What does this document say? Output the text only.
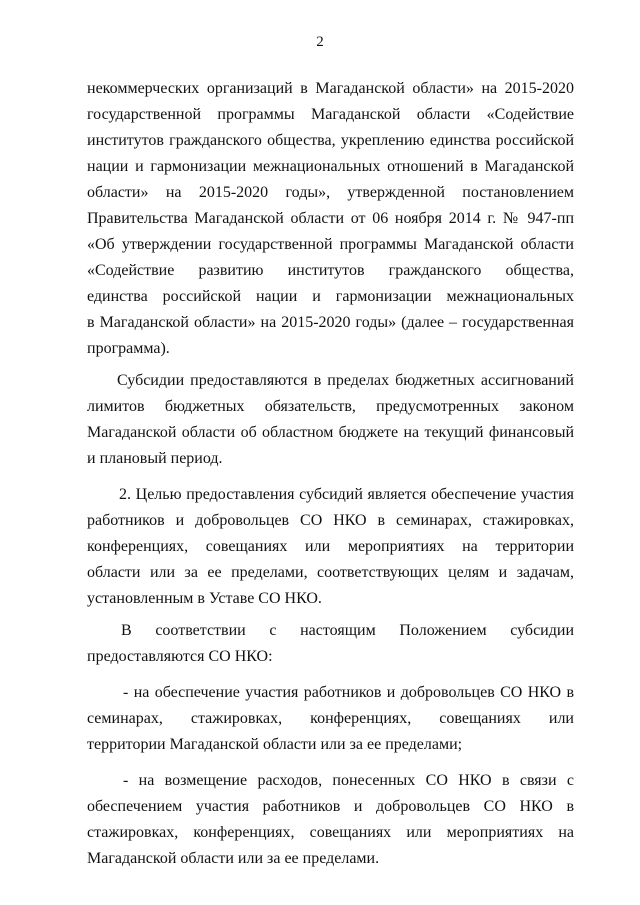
2
некоммерческих организаций в Магаданской области» на 2015-2020
государственной программы Магаданской области «Содействие
институтов гражданского общества, укреплению единства российской
нации и гармонизации межнациональных отношений в Магаданской
области» на 2015-2020 годы», утвержденной постановлением
Правительства Магаданской области от 06 ноября 2014 г. № 947-пп
«Об утверждении государственной программы Магаданской области
«Содействие развитию институтов гражданского общества,
единства российской нации и гармонизации межнациональных
в Магаданской области» на 2015-2020 годы» (далее – государственная
программа).
Субсидии предоставляются в пределах бюджетных ассигнований
лимитов бюджетных обязательств, предусмотренных законом
Магаданской области об областном бюджете на текущий финансовый
и плановый период.
2. Целью предоставления субсидий является обеспечение участия
работников и добровольцев СО НКО в семинарах, стажировках,
конференциях, совещаниях или мероприятиях на территории
области или за ее пределами, соответствующих целям и задачам,
установленным в Уставе СО НКО.
В соответствии с настоящим Положением субсидии
предоставляются СО НКО:
- на обеспечение участия работников и добровольцев СО НКО в
семинарах, стажировках, конференциях, совещаниях или
территории Магаданской области или за ее пределами;
- на возмещение расходов, понесенных СО НКО в связи с
обеспечением участия работников и добровольцев СО НКО в
стажировках, конференциях, совещаниях или мероприятиях на
Магаданской области или за ее пределами.
